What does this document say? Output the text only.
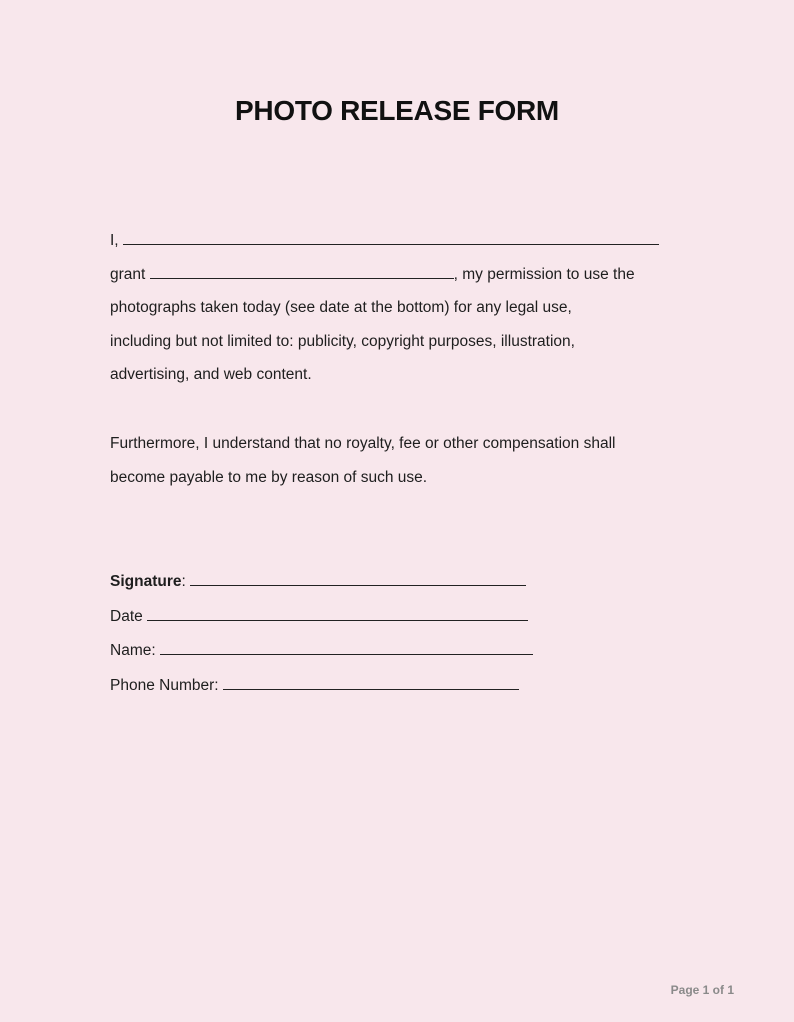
PHOTO RELEASE FORM
I,
grant	, my permission to use the
photographs taken today (see date at the bottom) for any legal use,
including but not limited to: publicity, copyright purposes, illustration,
advertising, and web content.
Furthermore, I understand that no royalty, fee or other compensation shall
become payable to me by reason of such use.
Signature:
Date
Name:
Phone Number:
Page 1 of 1
